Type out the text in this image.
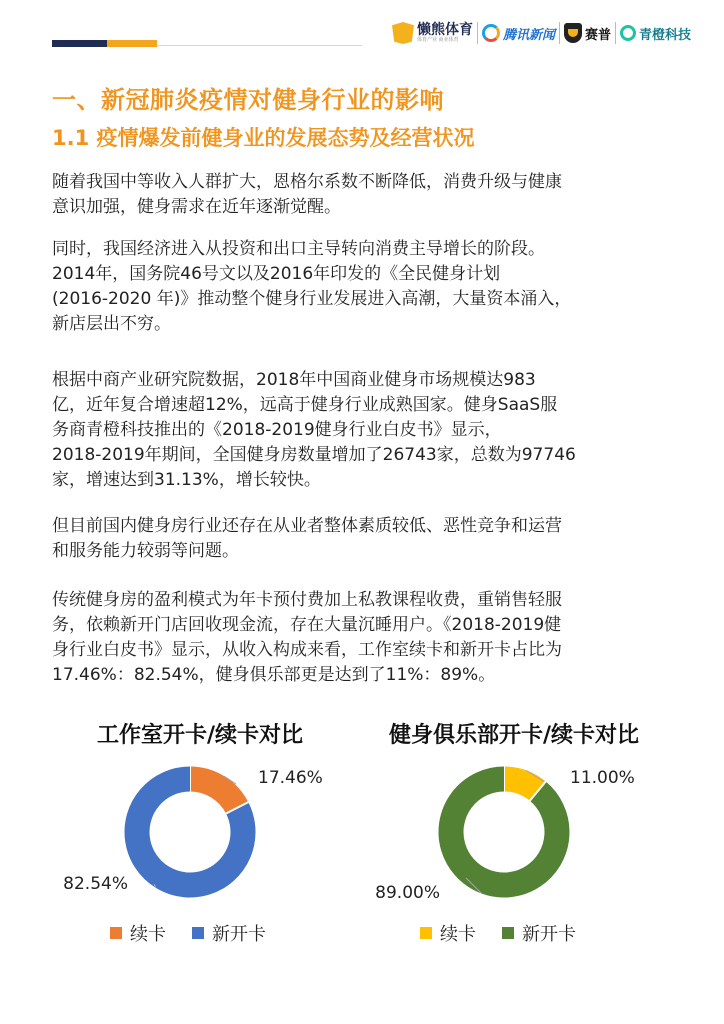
懒熊体育
体育产业 商业体育	腾讯新闻 赛普 青橙科技
一、新冠肺炎疫情对健身行业的影响
1.1 疫情爆发前健身业的发展态势及经营状况

随着我国中等收入人群扩大，恩格尔系数不断降低，消费升级与健康
意识加强，健身需求在近年逐渐觉醒。

同时，我国经济进入从投资和出口主导转向消费主导增长的阶段。
2014年，国务院46号文以及2016年印发的《全民健身计划
(2016-2020 年)》推动整个健身行业发展进入高潮，大量资本涌入，
新店层出不穷。

根据中商产业研究院数据，2018年中国商业健身市场规模达983
亿，近年复合增速超12%，远高于健身行业成熟国家。健身SaaS服
务商青橙科技推出的《2018-2019健身行业白皮书》显示，
2018-2019年期间，全国健身房数量增加了26743家，总数为97746
家，增速达到31.13%，增长较快。

但目前国内健身房行业还存在从业者整体素质较低、恶性竞争和运营
和服务能力较弱等问题。

传统健身房的盈利模式为年卡预付费加上私教课程收费，重销售轻服
务，依赖新开门店回收现金流，存在大量沉睡用户。《2018-2019健
身行业白皮书》显示，从收入构成来看，工作室续卡和新开卡占比为
17.46%：82.54%，健身俱乐部更是达到了11%：89%。

工作室开卡/续卡对比	健身俱乐部开卡/续卡对比
17.46%
82.54%
11.00%
89.00%
续卡	新开卡	续卡	新开卡
